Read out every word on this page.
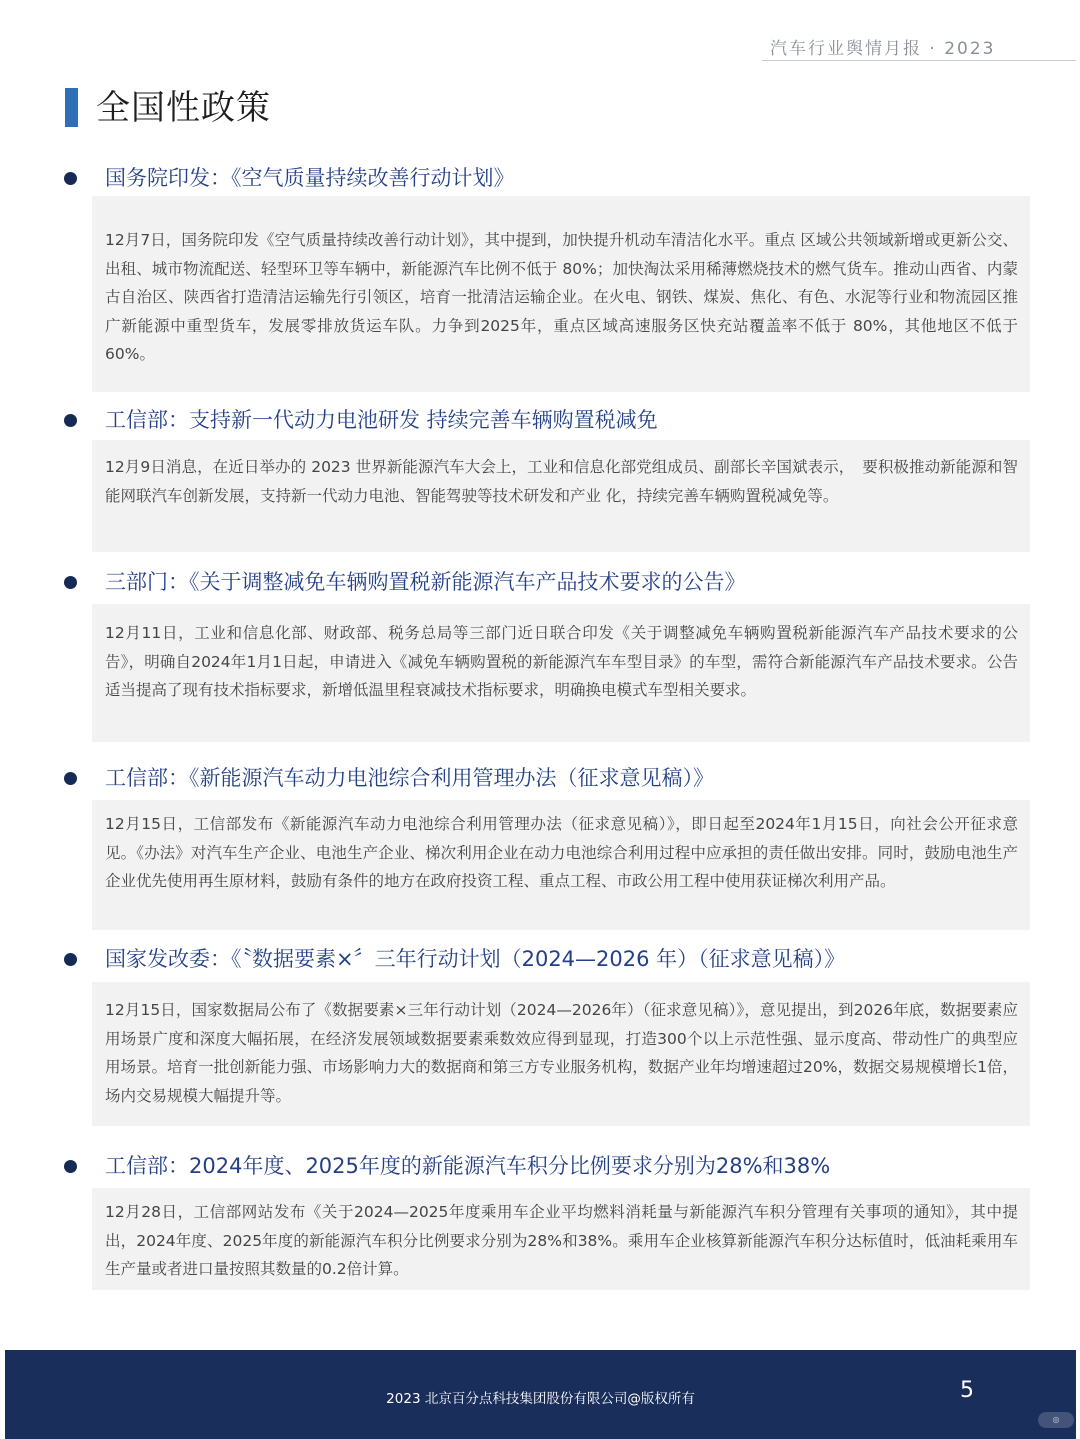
汽车行业舆情月报 · 2023
全国性政策
国务院印发：《空气质量持续改善行动计划》
12月7日，国务院印发《空气质量持续改善行动计划》，其中提到，加快提升机动车清洁化水平。重点 区域公共领域新增或更新公交、出租、城市物流配送、轻型环卫等车辆中，新能源汽车比例不低于 80%；加快淘汰采用稀薄燃烧技术的燃气货车。推动山西省、内蒙古自治区、陕西省打造清洁运输先行引领区，培育一批清洁运输企业。在火电、钢铁、煤炭、焦化、有色、水泥等行业和物流园区推广新能源中重型货车，发展零排放货运车队。力争到2025年，重点区域高速服务区快充站覆盖率不低于 80%，其他地区不低于60%。
工信部：支持新一代动力电池研发 持续完善车辆购置税减免
12月9日消息，在近日举办的 2023 世界新能源汽车大会上，工业和信息化部党组成员、副部长辛国斌表示，　要积极推动新能源和智能网联汽车创新发展，支持新一代动力电池、智能驾驶等技术研发和产业 化，持续完善车辆购置税减免等。
三部门：《关于调整减免车辆购置税新能源汽车产品技术要求的公告》
12月11日，工业和信息化部、财政部、税务总局等三部门近日联合印发《关于调整减免车辆购置税新能源汽车产品技术要求的公告》，明确自2024年1月1日起，申请进入《减免车辆购置税的新能源汽车车型目录》的车型，需符合新能源汽车产品技术要求。公告适当提高了现有技术指标要求，新增低温里程衰减技术指标要求，明确换电模式车型相关要求。
工信部：《新能源汽车动力电池综合利用管理办法（征求意见稿）》
12月15日，工信部发布《新能源汽车动力电池综合利用管理办法（征求意见稿）》，即日起至2024年1月15日，向社会公开征求意见。《办法》对汽车生产企业、电池生产企业、梯次利用企业在动力电池综合利用过程中应承担的责任做出安排。同时，鼓励电池生产企业优先使用再生原材料，鼓励有条件的地方在政府投资工程、重点工程、市政公用工程中使用获证梯次利用产品。
国家发改委：《〝数据要素×〞三年行动计划（2024—2026 年）（征求意见稿）》
12月15日，国家数据局公布了《数据要素×三年行动计划（2024—2026年）（征求意见稿）》，意见提出，到2026年底，数据要素应用场景广度和深度大幅拓展，在经济发展领域数据要素乘数效应得到显现，打造300个以上示范性强、显示度高、带动性广的典型应用场景。培育一批创新能力强、市场影响力大的数据商和第三方专业服务机构，数据产业年均增速超过20%，数据交易规模增长1倍，场内交易规模大幅提升等。
工信部：2024年度、2025年度的新能源汽车积分比例要求分别为28%和38%
12月28日，工信部网站发布《关于2024—2025年度乘用车企业平均燃料消耗量与新能源汽车积分管理有关事项的通知》，其中提出，2024年度、2025年度的新能源汽车积分比例要求分别为28%和38%。乘用车企业核算新能源汽车积分达标值时，低油耗乘用车生产量或者进口量按照其数量的0.2倍计算。
2023 北京百分点科技集团股份有限公司@版权所有	5
◎
